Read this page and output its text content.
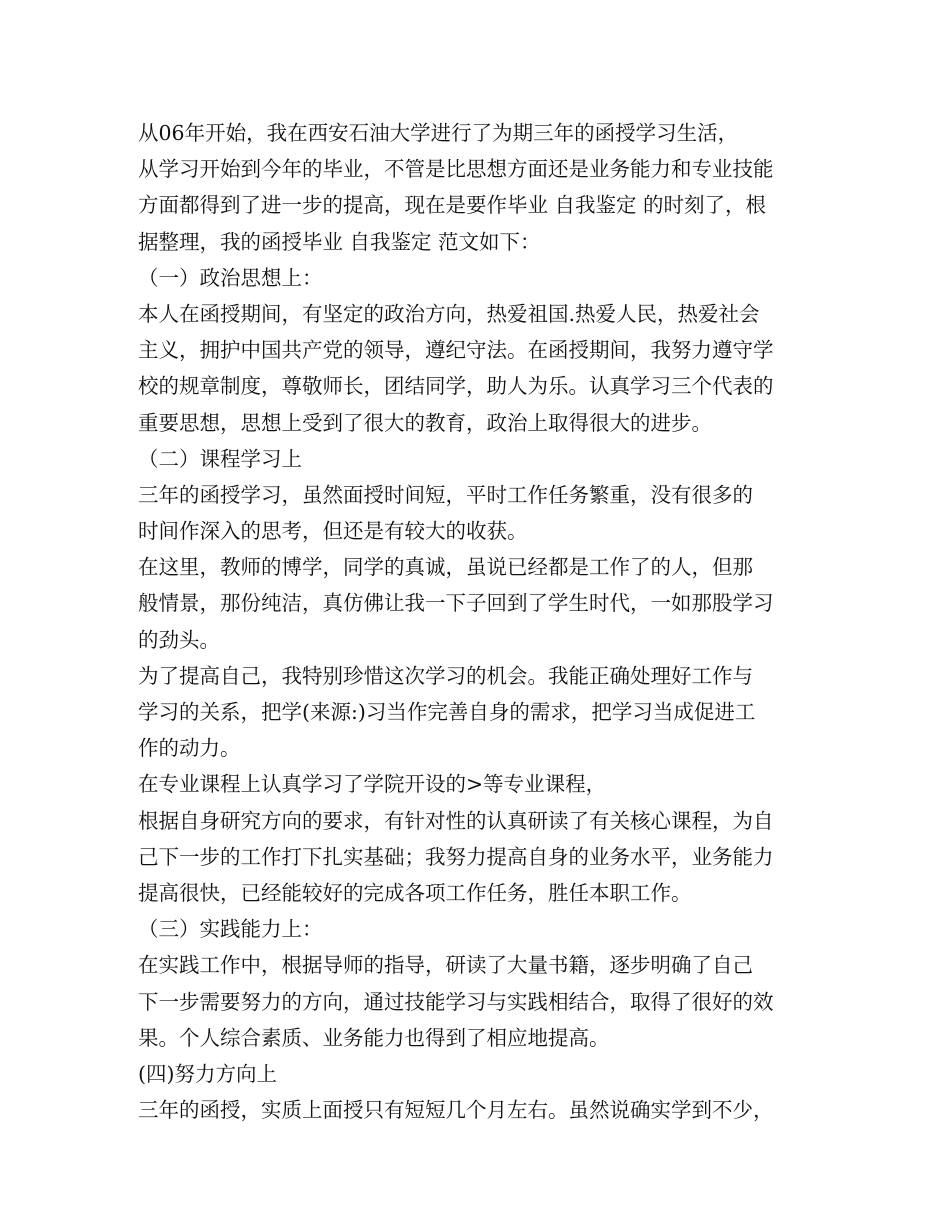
从06年开始，我在西安石油大学进行了为期三年的函授学习生活，
从学习开始到今年的毕业，不管是比思想方面还是业务能力和专业技能
方面都得到了进一步的提高，现在是要作毕业 自我鉴定 的时刻了，根
据整理，我的函授毕业 自我鉴定 范文如下：
（一）政治思想上：
本人在函授期间，有坚定的政治方向，热爱祖国.热爱人民，热爱社会
主义，拥护中国共产党的领导，遵纪守法。在函授期间，我努力遵守学
校的规章制度，尊敬师长，团结同学，助人为乐。认真学习三个代表的
重要思想，思想上受到了很大的教育，政治上取得很大的进步。
（二）课程学习上
三年的函授学习，虽然面授时间短，平时工作任务繁重，没有很多的
时间作深入的思考，但还是有较大的收获。
在这里，教师的博学，同学的真诚，虽说已经都是工作了的人，但那
般情景，那份纯洁，真仿佛让我一下子回到了学生时代，一如那股学习
的劲头。
为了提高自己，我特别珍惜这次学习的机会。我能正确处理好工作与
学习的关系，把学(来源:)习当作完善自身的需求，把学习当成促进工
作的动力。
在专业课程上认真学习了学院开设的>等专业课程，
根据自身研究方向的要求，有针对性的认真研读了有关核心课程，为自
己下一步的工作打下扎实基础；我努力提高自身的业务水平，业务能力
提高很快，已经能较好的完成各项工作任务，胜任本职工作。
（三）实践能力上：
在实践工作中，根据导师的指导，研读了大量书籍，逐步明确了自己
下一步需要努力的方向，通过技能学习与实践相结合，取得了很好的效
果。个人综合素质、业务能力也得到了相应地提高。
(四)努力方向上
三年的函授，实质上面授只有短短几个月左右。虽然说确实学到不少，
